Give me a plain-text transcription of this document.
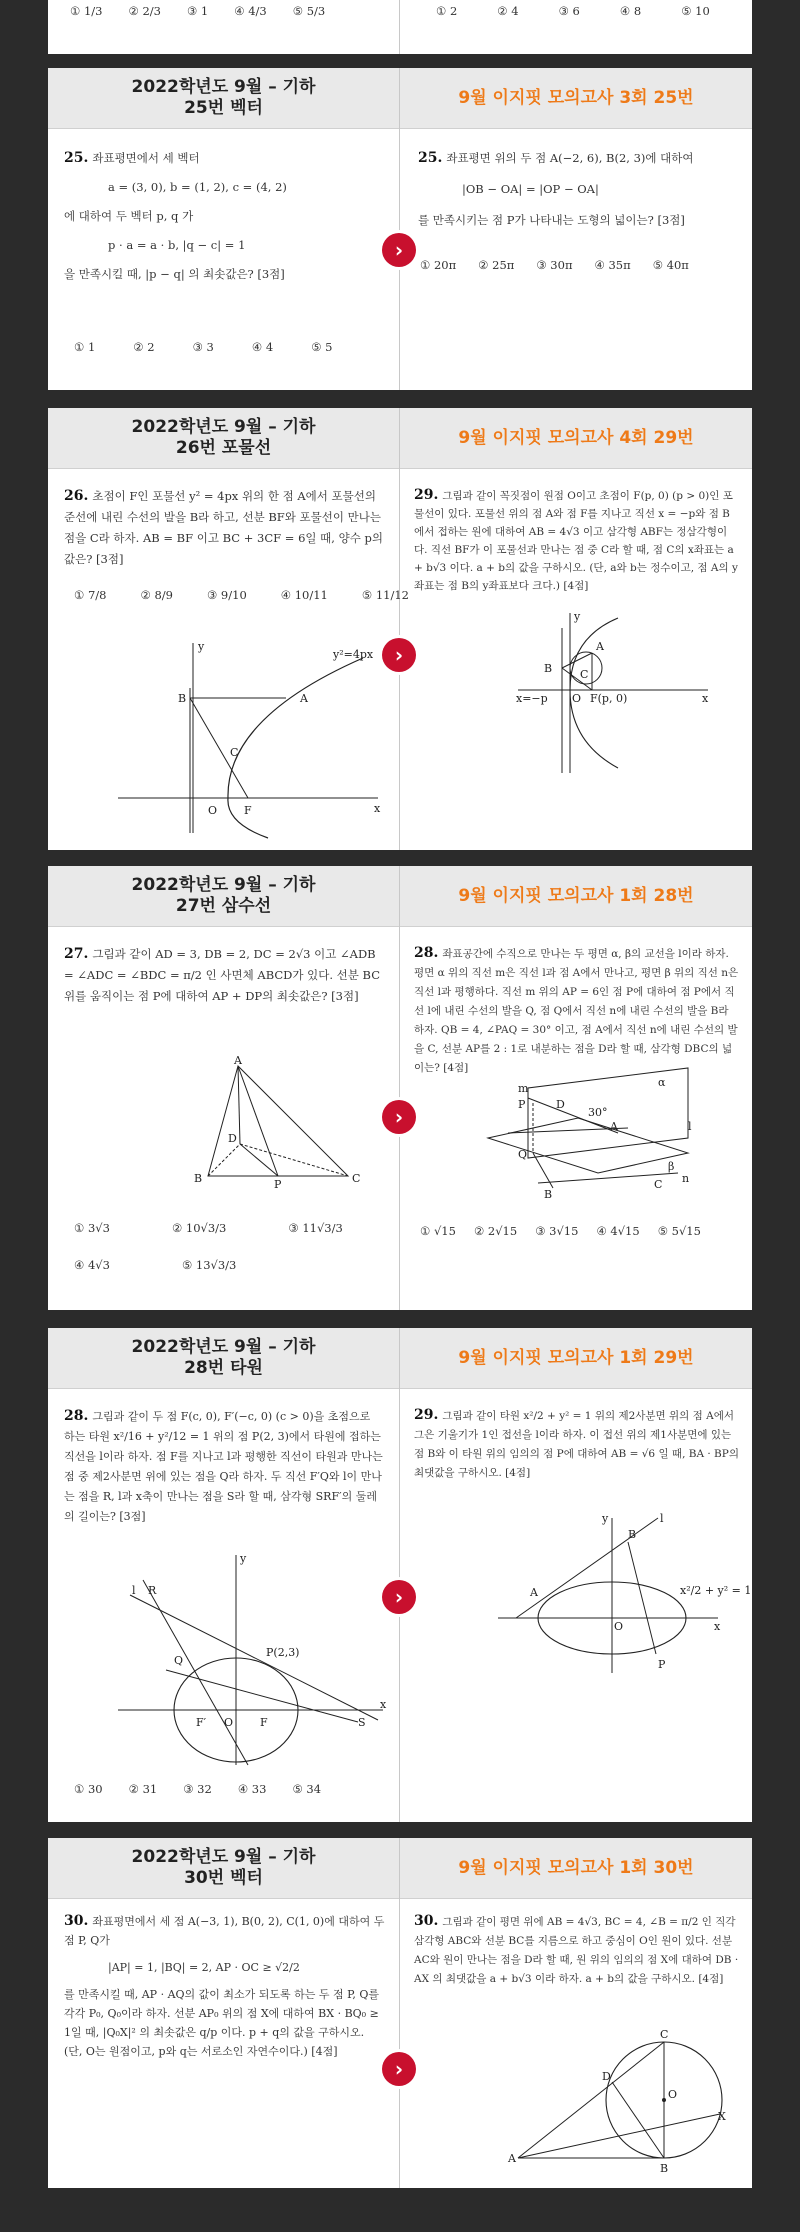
① 1/3 ② 2/3 ③ 1 ④ 4/3 ⑤ 5/3	① 2	② 4	③ 6	④ 8	⑤ 10
2022학년도 9월 – 기하
25번 벡터
9월 이지핏 모의고사 3회 25번
25. 좌표평면에서 세 벡터
a = (3, 0), b = (1, 2), c = (4, 2)
에 대하여 두 벡터 p, q 가
p · a = a · b, |q − c| = 1
을 만족시킬 때, |p − q| 의 최솟값은? [3점]
① 1	② 2	③ 3	④ 4	⑤ 5
25. 좌표평면 위의 두 점 A(−2, 6), B(2, 3)에 대하여
|OB − OA| = |OP − OA|
를 만족시키는 점 P가 나타내는 도형의 넓이는? [3점]
① 20π ② 25π ③ 30π ④ 35π ⑤ 40π
›
2022학년도 9월 – 기하
26번 포물선
9월 이지핏 모의고사 4회 29번
26. 초점이 F인 포물선 y² = 4px 위의 한 점 A에서 포물선의 준선에 내린 수선의 발을 B라 하고, 선분 BF와 포물선이 만나는 점을 C라 하자. AB = BF 이고 BC + 3CF = 6일 때, 양수 p의 값은? [3점]
① 7/8	② 8/9	③ 9/10	④ 10/11	⑤ 11/12
B	A
C
O F	x
y
y²=4px
29. 그림과 같이 꼭짓점이 원점 O이고 초점이 F(p, 0) (p > 0)인 포물선이 있다. 포물선 위의 점 A와 점 F를 지나고 직선 x = −p와 점 B에서 접하는 원에 대하여 AB = 4√3 이고 삼각형 ABF는 정삼각형이다. 직선 BF가 이 포물선과 만나는 점 중 C라 할 때, 점 C의 x좌표는 a + b√3 이다. a + b의 값을 구하시오. (단, a와 b는 정수이고, 점 A의 y좌표는 점 B의 y좌표보다 크다.) [4점]
A
B	C
O F(p, 0)
x=−p	x
y
›
2022학년도 9월 – 기하
27번 삼수선
9월 이지핏 모의고사 1회 28번
27. 그림과 같이 AD = 3, DB = 2, DC = 2√3 이고 ∠ADB = ∠ADC = ∠BDC = π/2 인 사면체 ABCD가 있다. 선분 BC 위를 움직이는 점 P에 대하여 AP + DP의 최솟값은? [3점]
A
B	C
D
P
① 3√3	② 10√3/3	③ 11√3/3
④ 4√3	⑤ 13√3/3
28. 좌표공간에 수직으로 만나는 두 평면 α, β의 교선을 l이라 하자. 평면 α 위의 직선 m은 직선 l과 점 A에서 만나고, 평면 β 위의 직선 n은 직선 l과 평행하다. 직선 m 위의 AP = 6인 점 P에 대하여 점 P에서 직선 l에 내린 수선의 발을 Q, 점 Q에서 직선 n에 내린 수선의 발을 B라 하자. QB = 4, ∠PAQ = 30° 이고, 점 A에서 직선 n에 내린 수선의 발을 C, 선분 AP를 2 : 1로 내분하는 점을 D라 할 때, 삼각형 DBC의 넓이는? [4점]
α
β
m
P	D
Q
A
B
C
l
n
30°
① √15 ② 2√15 ③ 3√15 ④ 4√15 ⑤ 5√15
›
2022학년도 9월 – 기하
28번 타원
9월 이지핏 모의고사 1회 29번
28. 그림과 같이 두 점 F(c, 0), F′(−c, 0) (c > 0)을 초점으로 하는 타원 x²/16 + y²/12 = 1 위의 점 P(2, 3)에서 타원에 접하는 직선을 l이라 하자. 점 F를 지나고 l과 평행한 직선이 타원과 만나는 점 중 제2사분면 위에 있는 점을 Q라 하자. 두 직선 F′Q와 l이 만나는 점을 R, l과 x축이 만나는 점을 S라 할 때, 삼각형 SRF′의 둘레의 길이는? [3점]
l R
Q
P(2,3)
F′ O F	S
x
y
① 30 ② 31 ③ 32 ④ 33 ⑤ 34
29. 그림과 같이 타원 x²/2 + y² = 1 위의 제2사분면 위의 점 A에서 그은 기울기가 1인 접선을 l이라 하자. 이 접선 위의 제1사분면에 있는 점 B와 이 타원 위의 임의의 점 P에 대하여 AB = √6 일 때, BA · BP의 최댓값을 구하시오. [4점]
B
l
A
O
P
x
y
x²/2 + y² = 1
›
2022학년도 9월 – 기하
30번 벡터
9월 이지핏 모의고사 1회 30번
30. 좌표평면에서 세 점 A(−3, 1), B(0, 2), C(1, 0)에 대하여 두 점 P, Q가
|AP| = 1, |BQ| = 2, AP · OC ≥ √2/2
를 만족시킬 때, AP · AQ의 값이 최소가 되도록 하는 두 점 P, Q를 각각 P₀, Q₀이라 하자. 선분 AP₀ 위의 점 X에 대하여 BX · BQ₀ ≥ 1일 때, |Q₀X|² 의 최솟값은 q/p 이다. p + q의 값을 구하시오. (단, O는 원점이고, p와 q는 서로소인 자연수이다.) [4점]
30. 그림과 같이 평면 위에 AB = 4√3, BC = 4, ∠B = π/2 인 직각삼각형 ABC와 선분 BC를 지름으로 하고 중심이 O인 원이 있다. 선분 AC와 원이 만나는 점을 D라 할 때, 원 위의 임의의 점 X에 대하여 DB · AX 의 최댓값을 a + b√3 이라 하자. a + b의 값을 구하시오. [4점]
C
A
B
D
O
X
›
